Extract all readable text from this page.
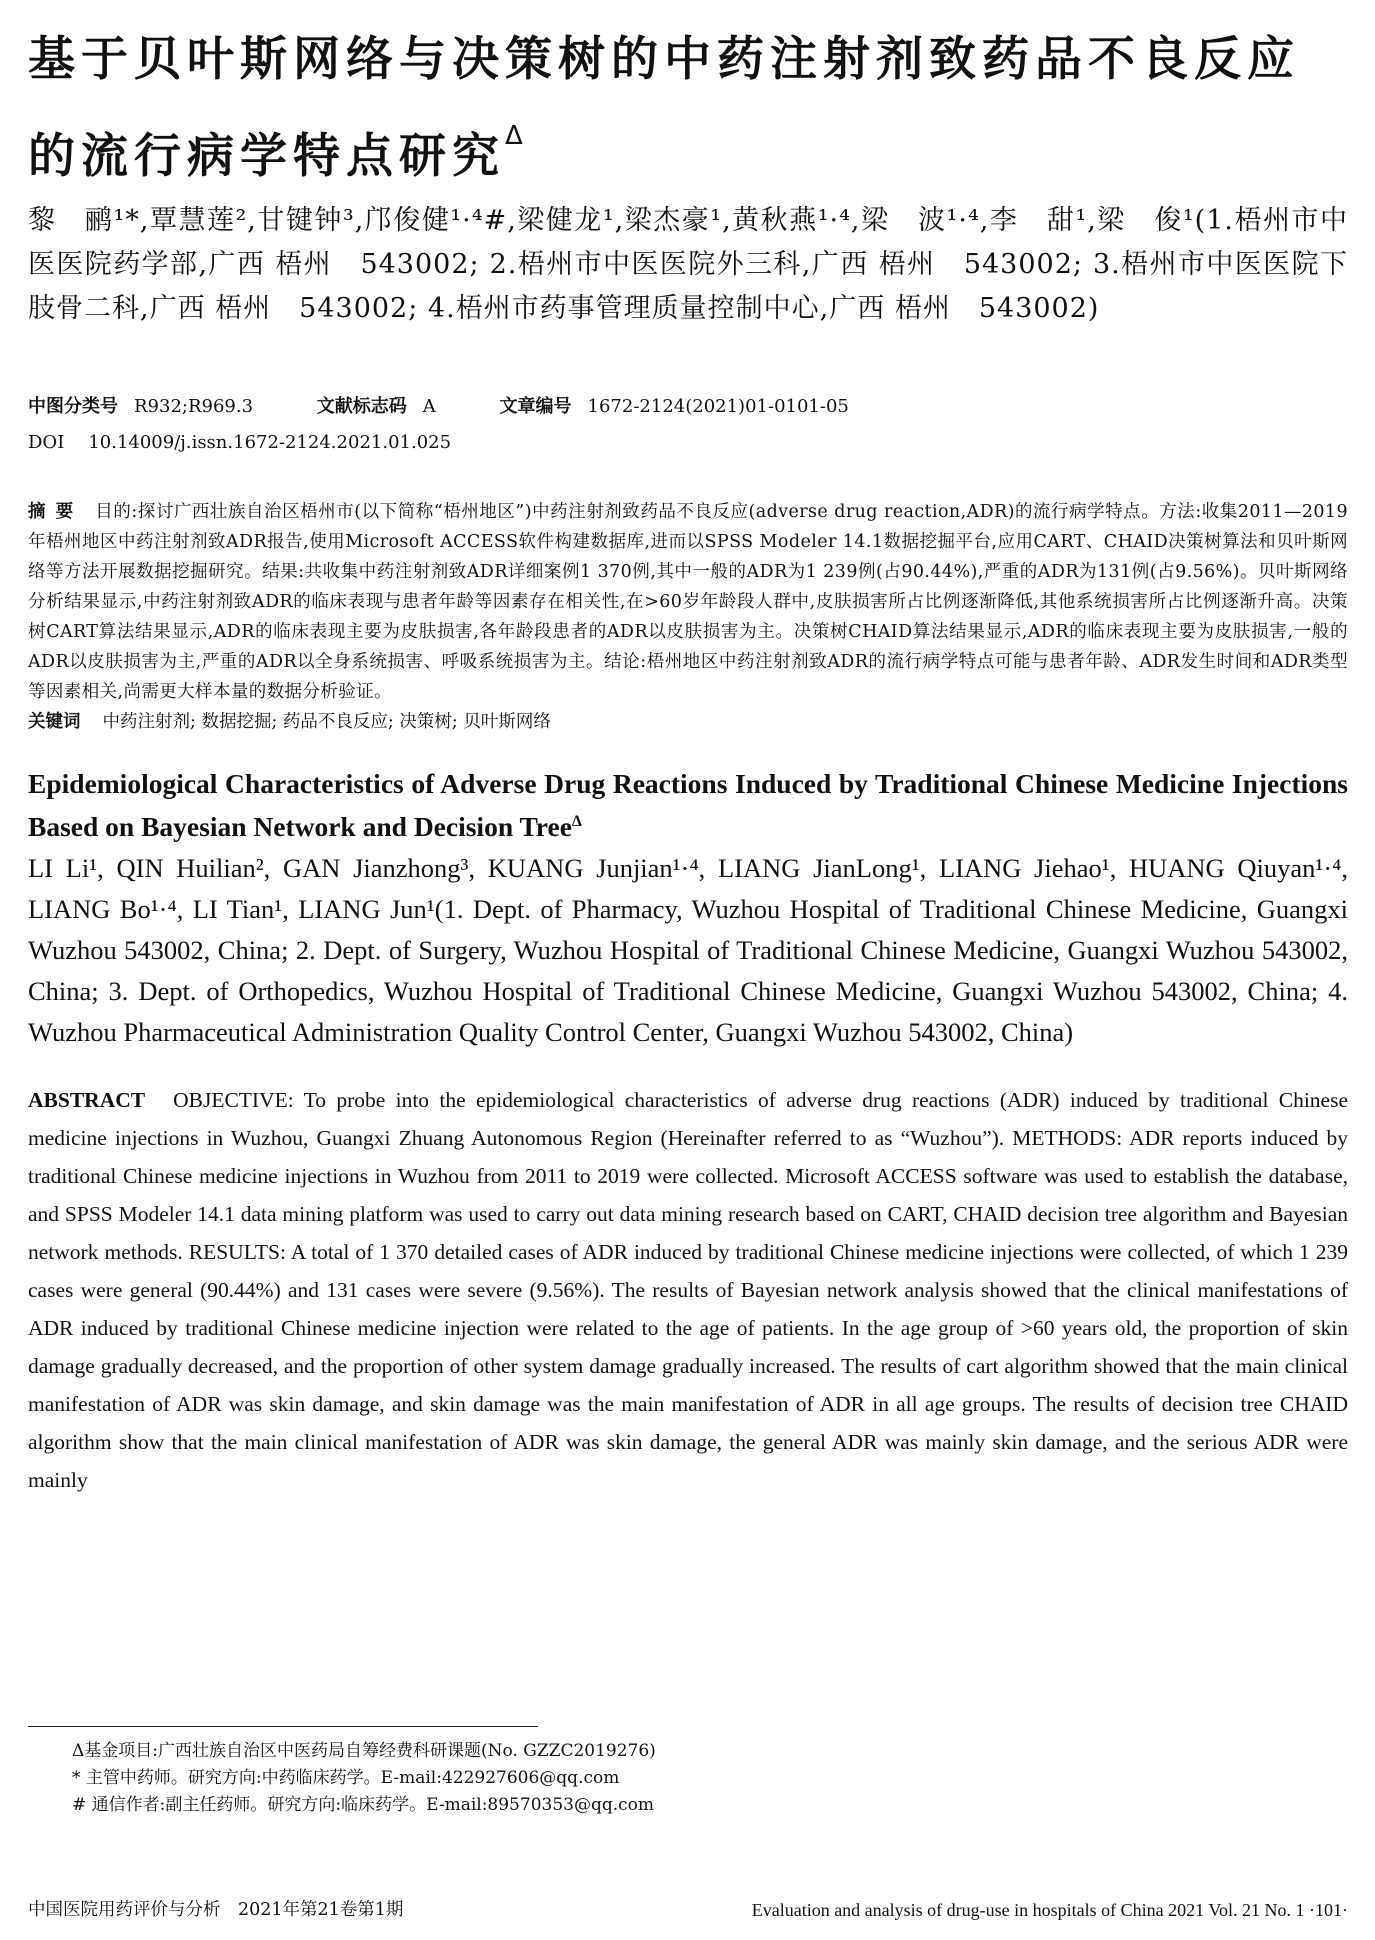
基于贝叶斯网络与决策树的中药注射剂致药品不良反应的流行病学特点研究$^\Delta$
黎　鹂¹*,覃慧莲²,甘键钟³,邝俊健¹·⁴#,梁健龙¹,梁杰豪¹,黄秋燕¹·⁴,梁　波¹·⁴,李　甜¹,梁　俊¹(1.梧州市中医医院药学部,广西 梧州　543002; 2.梧州市中医医院外三科,广西 梧州　543002; 3.梧州市中医医院下肢骨二科,广西 梧州　543002; 4.梧州市药事管理质量控制中心,广西 梧州　543002)
中图分类号 R932;R969.3	文献标志码 A	文章编号 1672-2124(2021)01-0101-05
DOI 10.14009/j.issn.1672-2124.2021.01.025
摘要 目的:探讨广西壮族自治区梧州市(以下简称“梧州地区”)中药注射剂致药品不良反应(adverse drug reaction,ADR)的流行病学特点。方法:收集2011—2019年梧州地区中药注射剂致ADR报告,使用Microsoft ACCESS软件构建数据库,进而以SPSS Modeler 14.1数据挖掘平台,应用CART、CHAID决策树算法和贝叶斯网络等方法开展数据挖掘研究。结果:共收集中药注射剂致ADR详细案例1 370例,其中一般的ADR为1 239例(占90.44%),严重的ADR为131例(占9.56%)。贝叶斯网络分析结果显示,中药注射剂致ADR的临床表现与患者年龄等因素存在相关性,在>60岁年龄段人群中,皮肤损害所占比例逐渐降低,其他系统损害所占比例逐渐升高。决策树CART算法结果显示,ADR的临床表现主要为皮肤损害,各年龄段患者的ADR以皮肤损害为主。决策树CHAID算法结果显示,ADR的临床表现主要为皮肤损害,一般的ADR以皮肤损害为主,严重的ADR以全身系统损害、呼吸系统损害为主。结论:梧州地区中药注射剂致ADR的流行病学特点可能与患者年龄、ADR发生时间和ADR类型等因素相关,尚需更大样本量的数据分析验证。
关键词 中药注射剂; 数据挖掘; 药品不良反应; 决策树; 贝叶斯网络
Epidemiological Characteristics of Adverse Drug Reactions Induced by Traditional Chinese Medicine Injections Based on Bayesian Network and Decision Tree$^\Delta$
LI Li¹, QIN Huilian², GAN Jianzhong³, KUANG Junjian¹·⁴, LIANG JianLong¹, LIANG Jiehao¹, HUANG Qiuyan¹·⁴, LIANG Bo¹·⁴, LI Tian¹, LIANG Jun¹(1. Dept. of Pharmacy, Wuzhou Hospital of Traditional Chinese Medicine, Guangxi Wuzhou 543002, China; 2. Dept. of Surgery, Wuzhou Hospital of Traditional Chinese Medicine, Guangxi Wuzhou 543002, China; 3. Dept. of Orthopedics, Wuzhou Hospital of Traditional Chinese Medicine, Guangxi Wuzhou 543002, China; 4. Wuzhou Pharmaceutical Administration Quality Control Center, Guangxi Wuzhou 543002, China)
ABSTRACT OBJECTIVE: To probe into the epidemiological characteristics of adverse drug reactions (ADR) induced by traditional Chinese medicine injections in Wuzhou, Guangxi Zhuang Autonomous Region (Hereinafter referred to as “Wuzhou”). METHODS: ADR reports induced by traditional Chinese medicine injections in Wuzhou from 2011 to 2019 were collected. Microsoft ACCESS software was used to establish the database, and SPSS Modeler 14.1 data mining platform was used to carry out data mining research based on CART, CHAID decision tree algorithm and Bayesian network methods. RESULTS: A total of 1 370 detailed cases of ADR induced by traditional Chinese medicine injections were collected, of which 1 239 cases were general (90.44%) and 131 cases were severe (9.56%). The results of Bayesian network analysis showed that the clinical manifestations of ADR induced by traditional Chinese medicine injection were related to the age of patients. In the age group of >60 years old, the proportion of skin damage gradually decreased, and the proportion of other system damage gradually increased. The results of cart algorithm showed that the main clinical manifestation of ADR was skin damage, and skin damage was the main manifestation of ADR in all age groups. The results of decision tree CHAID algorithm show that the main clinical manifestation of ADR was skin damage, the general ADR was mainly skin damage, and the serious ADR were mainly
Δ基金项目:广西壮族自治区中医药局自筹经费科研课题(No. GZZC2019276)
* 主管中药师。研究方向:中药临床药学。E-mail:422927606@qq.com
# 通信作者:副主任药师。研究方向:临床药学。E-mail:89570353@qq.com
中国医院用药评价与分析　2021年第21卷第1期	Evaluation and analysis of drug-use in hospitals of China 2021 Vol. 21 No. 1 ·101·
